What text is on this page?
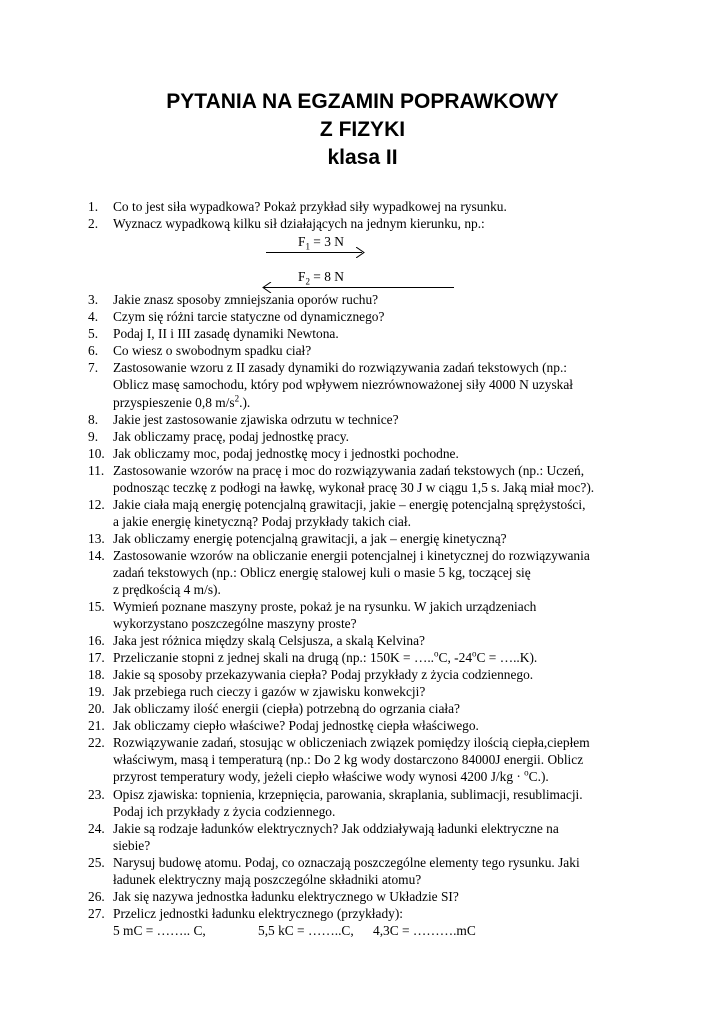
PYTANIA NA EGZAMIN POPRAWKOWY
Z FIZYKI
klasa II
1. Co to jest siła wypadkowa? Pokaż przykład siły wypadkowej na rysunku.
2. Wyznacz wypadkową kilku sił działających na jednym kierunku, np.:
$F_1 = 3$ N
$F_2 = 8$ N
3. Jakie znasz sposoby zmniejszania oporów ruchu?
4. Czym się różni tarcie statyczne od dynamicznego?
5. Podaj I, II i III zasadę dynamiki Newtona.
6. Co wiesz o swobodnym spadku ciał?
7. Zastosowanie wzoru z II zasady dynamiki do rozwiązywania zadań tekstowych (np.:
Oblicz masę samochodu, który pod wpływem niezrównoważonej siły 4000 N uzyskał
przyspieszenie 0,8 $m/s^2$.).
8. Jakie jest zastosowanie zjawiska odrzutu w technice?
9. Jak obliczamy pracę, podaj jednostkę pracy.
10. Jak obliczamy moc, podaj jednostkę mocy i jednostki pochodne.
11. Zastosowanie wzorów na pracę i moc do rozwiązywania zadań tekstowych (np.: Uczeń,
podnosząc teczkę z podłogi na ławkę, wykonał pracę 30 J w ciągu 1,5 s. Jaką miał moc?).
12. Jakie ciała mają energię potencjalną grawitacji, jakie – energię potencjalną sprężystości,
a jakie energię kinetyczną? Podaj przykłady takich ciał.
13. Jak obliczamy energię potencjalną grawitacji, a jak – energię kinetyczną?
14. Zastosowanie wzorów na obliczanie energii potencjalnej i kinetycznej do rozwiązywania
zadań tekstowych (np.: Oblicz energię stalowej kuli o masie 5 kg, toczącej się
z prędkością 4 m/s).
15. Wymień poznane maszyny proste, pokaż je na rysunku. W jakich urządzeniach
wykorzystano poszczególne maszyny proste?
16. Jaka jest różnica między skalą Celsjusza, a skalą Kelvina?
17. Przeliczanie stopni z jednej skali na drugą (np.: 150K = …..$^o$C, $-24^oC$ = …..K).
18. Jakie są sposoby przekazywania ciepła? Podaj przykłady z życia codziennego.
19. Jak przebiega ruch cieczy i gazów w zjawisku konwekcji?
20. Jak obliczamy ilość energii (ciepła) potrzebną do ogrzania ciała?
21. Jak obliczamy ciepło właściwe? Podaj jednostkę ciepła właściwego.
22. Rozwiązywanie zadań, stosując w obliczeniach związek pomiędzy ilością ciepła,ciepłem
właściwym, masą i temperaturą (np.: Do 2 kg wody dostarczono 84000J energii. Oblicz
przyrost temperatury wody, jeżeli ciepło właściwe wody wynosi 4200 J/kg · $^o$C.).
23. Opisz zjawiska: topnienia, krzepnięcia, parowania, skraplania, sublimacji, resublimacji.
Podaj ich przykłady z życia codziennego.
24. Jakie są rodzaje ładunków elektrycznych? Jak oddziaływają ładunki elektryczne na
siebie?
25. Narysuj budowę atomu. Podaj, co oznaczają poszczególne elementy tego rysunku. Jaki
ładunek elektryczny mają poszczególne składniki atomu?
26. Jak się nazywa jednostka ładunku elektrycznego w Układzie SI?
27. Przelicz jednostki ładunku elektrycznego (przykłady):
5 mC = …….. C,	5,5 kC = ……..C, 4,3C = ……….mC
